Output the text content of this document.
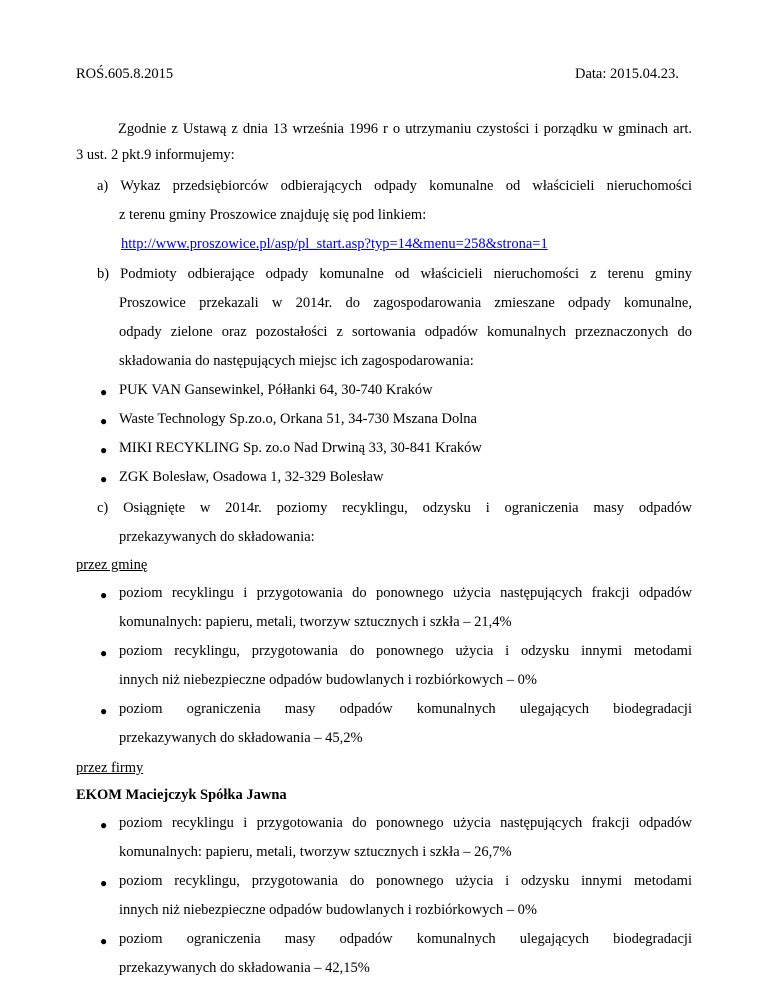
ROŚ.605.8.2015	Data: 2015.04.23.
Zgodnie z Ustawą z dnia 13 września 1996 r o utrzymaniu czystości i porządku w gminach art.
3 ust. 2 pkt.9 informujemy:
a) Wykaz przedsiębiorców odbierających odpady komunalne od właścicieli nieruchomości
z terenu gminy Proszowice znajduję się pod linkiem:
http://www.proszowice.pl/asp/pl_start.asp?typ=14&menu=258&strona=1
b) Podmioty odbierające odpady komunalne od właścicieli nieruchomości z terenu gminy
Proszowice przekazali w 2014r. do zagospodarowania zmieszane odpady komunalne,
odpady zielone oraz pozostałości z sortowania odpadów komunalnych przeznaczonych do
składowania do następujących miejsc ich zagospodarowania:
● PUK VAN Gansewinkel, Półłanki 64, 30-740 Kraków
● Waste Technology Sp.zo.o, Orkana 51, 34-730 Mszana Dolna
● MIKI RECYKLING Sp. zo.o Nad Drwiną 33, 30-841 Kraków
● ZGK Bolesław, Osadowa 1, 32-329 Bolesław
c) Osiągnięte w 2014r. poziomy recyklingu, odzysku i ograniczenia masy odpadów
przekazywanych do składowania:
przez gminę
● poziom recyklingu i przygotowania do ponownego użycia następujących frakcji odpadów
komunalnych: papieru, metali, tworzyw sztucznych i szkła – 21,4%
● poziom recyklingu, przygotowania do ponownego użycia i odzysku innymi metodami
innych niż niebezpieczne odpadów budowlanych i rozbiórkowych – 0%
● poziom ograniczenia masy odpadów komunalnych ulegających biodegradacji
przekazywanych do składowania – 45,2%
przez firmy
EKOM Maciejczyk Spółka Jawna
● poziom recyklingu i przygotowania do ponownego użycia następujących frakcji odpadów
komunalnych: papieru, metali, tworzyw sztucznych i szkła – 26,7%
● poziom recyklingu, przygotowania do ponownego użycia i odzysku innymi metodami
innych niż niebezpieczne odpadów budowlanych i rozbiórkowych – 0%
● poziom ograniczenia masy odpadów komunalnych ulegających biodegradacji
przekazywanych do składowania – 42,15%
